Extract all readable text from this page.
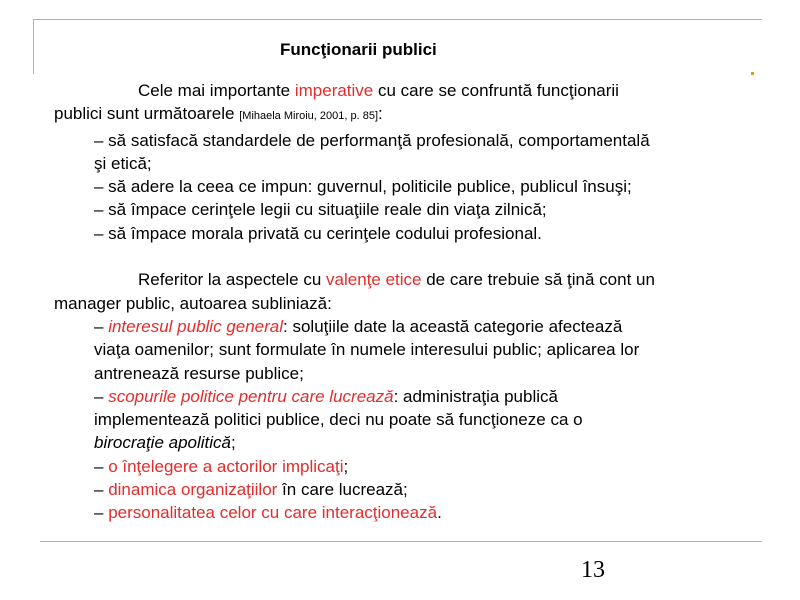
Funcţionarii publici
Cele mai importante imperative cu care se confruntă funcţionarii
publici sunt următoarele [Mihaela Miroiu, 2001, p. 85]:
– să satisfacă standardele de performanţă profesională, comportamentală
şi etică;
– să adere la ceea ce impun: guvernul, politicile publice, publicul însuşi;
– să împace cerinţele legii cu situaţiile reale din viaţa zilnică;
– să împace morala privată cu cerinţele codului profesional.
Referitor la aspectele cu valenţe etice de care trebuie să ţină cont un
manager public, autoarea subliniază:
– interesul public general: soluţiile date la această categorie afectează
viaţa oamenilor; sunt formulate în numele interesului public; aplicarea lor
antrenează resurse publice;
– scopurile politice pentru care lucrează: administraţia publică
implementează politici publice, deci nu poate să funcţioneze ca o
birocraţie apolitică;
– o înţelegere a actorilor implicaţi;
– dinamica organizaţiilor în care lucrează;
– personalitatea celor cu care interacţionează.
13
